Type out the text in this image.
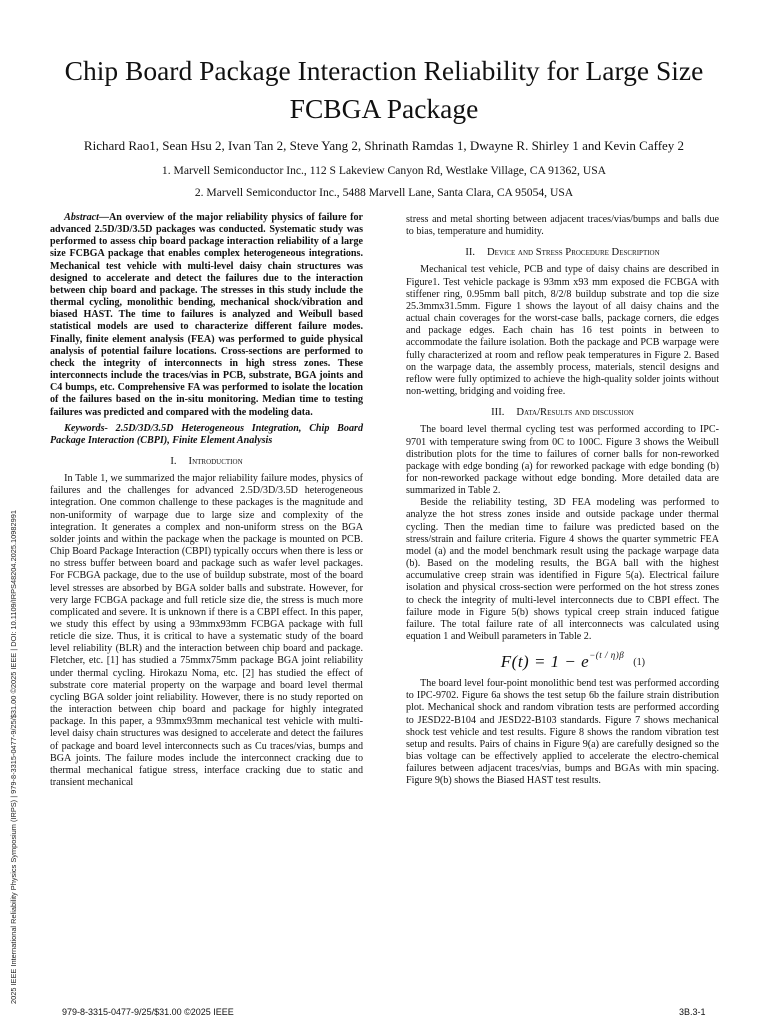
Chip Board Package Interaction Reliability for Large Size FCBGA Package
Richard Rao1, Sean Hsu 2, Ivan Tan 2, Steve Yang 2, Shrinath Ramdas 1, Dwayne R. Shirley 1 and Kevin Caffey 2
1. Marvell Semiconductor Inc., 112 S Lakeview Canyon Rd, Westlake Village, CA 91362, USA
2. Marvell Semiconductor Inc., 5488 Marvell Lane, Santa Clara, CA 95054, USA

Abstract—An overview of the major reliability physics of failure for advanced 2.5D/3D/3.5D packages was conducted. Systematic study was performed to assess chip board package interaction reliability of a large size FCBGA package that enables complex heterogeneous integrations. Mechanical test vehicle with multi-level daisy chain structures was designed to accelerate and detect the failures due to the interaction between chip board and package. The stresses in this study include the thermal cycling, monolithic bending, mechanical shock/vibration and biased HAST. The time to failures is analyzed and Weibull based statistical models are used to characterize different failure modes. Finally, finite element analysis (FEA) was performed to guide physical analysis of potential failure locations. Cross-sections are performed to check the integrity of interconnects in high stress zones. These interconnects include the traces/vias in PCB, substrate, BGA joints and C4 bumps, etc. Comprehensive FA was performed to isolate the location of the failures based on the in-situ monitoring. Median time to testing failures was predicted and compared with the modeling data.

Keywords- 2.5D/3D/3.5D Heterogeneous Integration, Chip Board Package Interaction (CBPI), Finite Element Analysis

I. Introduction

In Table 1, we summarized the major reliability failure modes, physics of failures and the challenges for advanced 2.5D/3D/3.5D heterogeneous integration. One common challenge to these packages is the magnitude and non-uniformity of warpage due to large size and complexity of the integration. It generates a complex and non-uniform stress on the BGA solder joints and within the package when the package is mounted on PCB. Chip Board Package Interaction (CBPI) typically occurs when there is less or no stress buffer between board and package such as wafer level packages. For FCBGA package, due to the use of buildup substrate, most of the board level stresses are absorbed by BGA solder balls and substrate. However, for very large FCBGA package and full reticle size die, the stress is much more complicated and severe. It is unknown if there is a CBPI effect. In this paper, we study this effect by using a 93mmx93mm FCBGA package with full reticle die size. Thus, it is critical to have a systematic study of the board level reliability (BLR) and the interaction between chip board and package. Fletcher, etc. [1] has studied a 75mmx75mm package BGA joint reliability under thermal cycling. Hirokazu Noma, etc. [2] has studied the effect of substrate core material property on the warpage and board level thermal cycling BGA solder joint reliability. However, there is no study reported on the interaction between chip board and package for highly integrated package. In this paper, a 93mmx93mm mechanical test vehicle with multi-level daisy chain structures was designed to accelerate and detect the failures of package and board level interconnects such as Cu traces/vias, bumps and BGA joints. The failure modes include the interconnect cracking due to thermal mechanical fatigue stress, interface cracking due to static and transient mechanical

stress and metal shorting between adjacent traces/vias/bumps and balls due to bias, temperature and humidity.

II. Device and Stress Procedure Description

Mechanical test vehicle, PCB and type of daisy chains are described in Figure1. Test vehicle package is 93mm x93 mm exposed die FCBGA with stiffener ring, 0.95mm ball pitch, 8/2/8 buildup substrate and top die size 25.3mmx31.5mm. Figure 1 shows the layout of all daisy chains and the actual chain coverages for the worst-case balls, package corners, die edges and package edges. Each chain has 16 test points in between to accommodate the failure isolation. Both the package and PCB warpage were fully characterized at room and reflow peak temperatures in Figure 2. Based on the warpage data, the assembly process, materials, stencil designs and reflow were fully optimized to achieve the high-quality solder joints without non-wetting, bridging and voiding free.

III. Data/Results and discussion

The board level thermal cycling test was performed according to IPC-9701 with temperature swing from 0C to 100C. Figure 3 shows the Weibull distribution plots for the time to failures of corner balls for non-reworked package with edge bonding (a) for reworked package with edge bonding (b) for non-reworked package without edge bonding. More detailed data are summarized in Table 2.

Beside the reliability testing, 3D FEA modeling was performed to analyze the hot stress zones inside and outside package under thermal cycling. Then the median time to failure was predicted based on the stress/strain and failure criteria. Figure 4 shows the quarter symmetric FEA model (a) and the model benchmark result using the package warpage data (b). Based on the modeling results, the BGA ball with the highest accumulative creep strain was identified in Figure 5(a). Electrical failure isolation and physical cross-section were performed on the hot stress zones to check the integrity of multi-level interconnects due to CBPI effect. The failure mode in Figure 5(b) shows typical creep strain induced fatigue failure. The total failure rate of all interconnects was calculated using equation 1 and Weibull parameters in Table 2.

$F(t) = 1 - e^{-(t / \eta)\beta}$
(1)

The board level four-point monolithic bend test was performed according to IPC-9702. Figure 6a shows the test setup 6b the failure strain distribution plot. Mechanical shock and random vibration tests are performed according to JESD22-B104 and JESD22-B103 standards. Figure 7 shows mechanical shock test vehicle and test results. Figure 8 shows the random vibration test setup and results. Pairs of chains in Figure 9(a) are carefully designed so the bias voltage can be effectively applied to accelerate the electro-chemical failures between adjacent traces/vias, bumps and BGAs with min spacing. Figure 9(b) shows the Biased HAST test results.

2025 IEEE International Reliability Physics Symposium (IRPS) | 979-8-3315-0477-9/25/$31.00 ©2025 IEEE | DOI: 10.1109/IRPS48204.2025.10982991
979-8-3315-0477-9/25/$31.00 ©2025 IEEE	3B.3-1
